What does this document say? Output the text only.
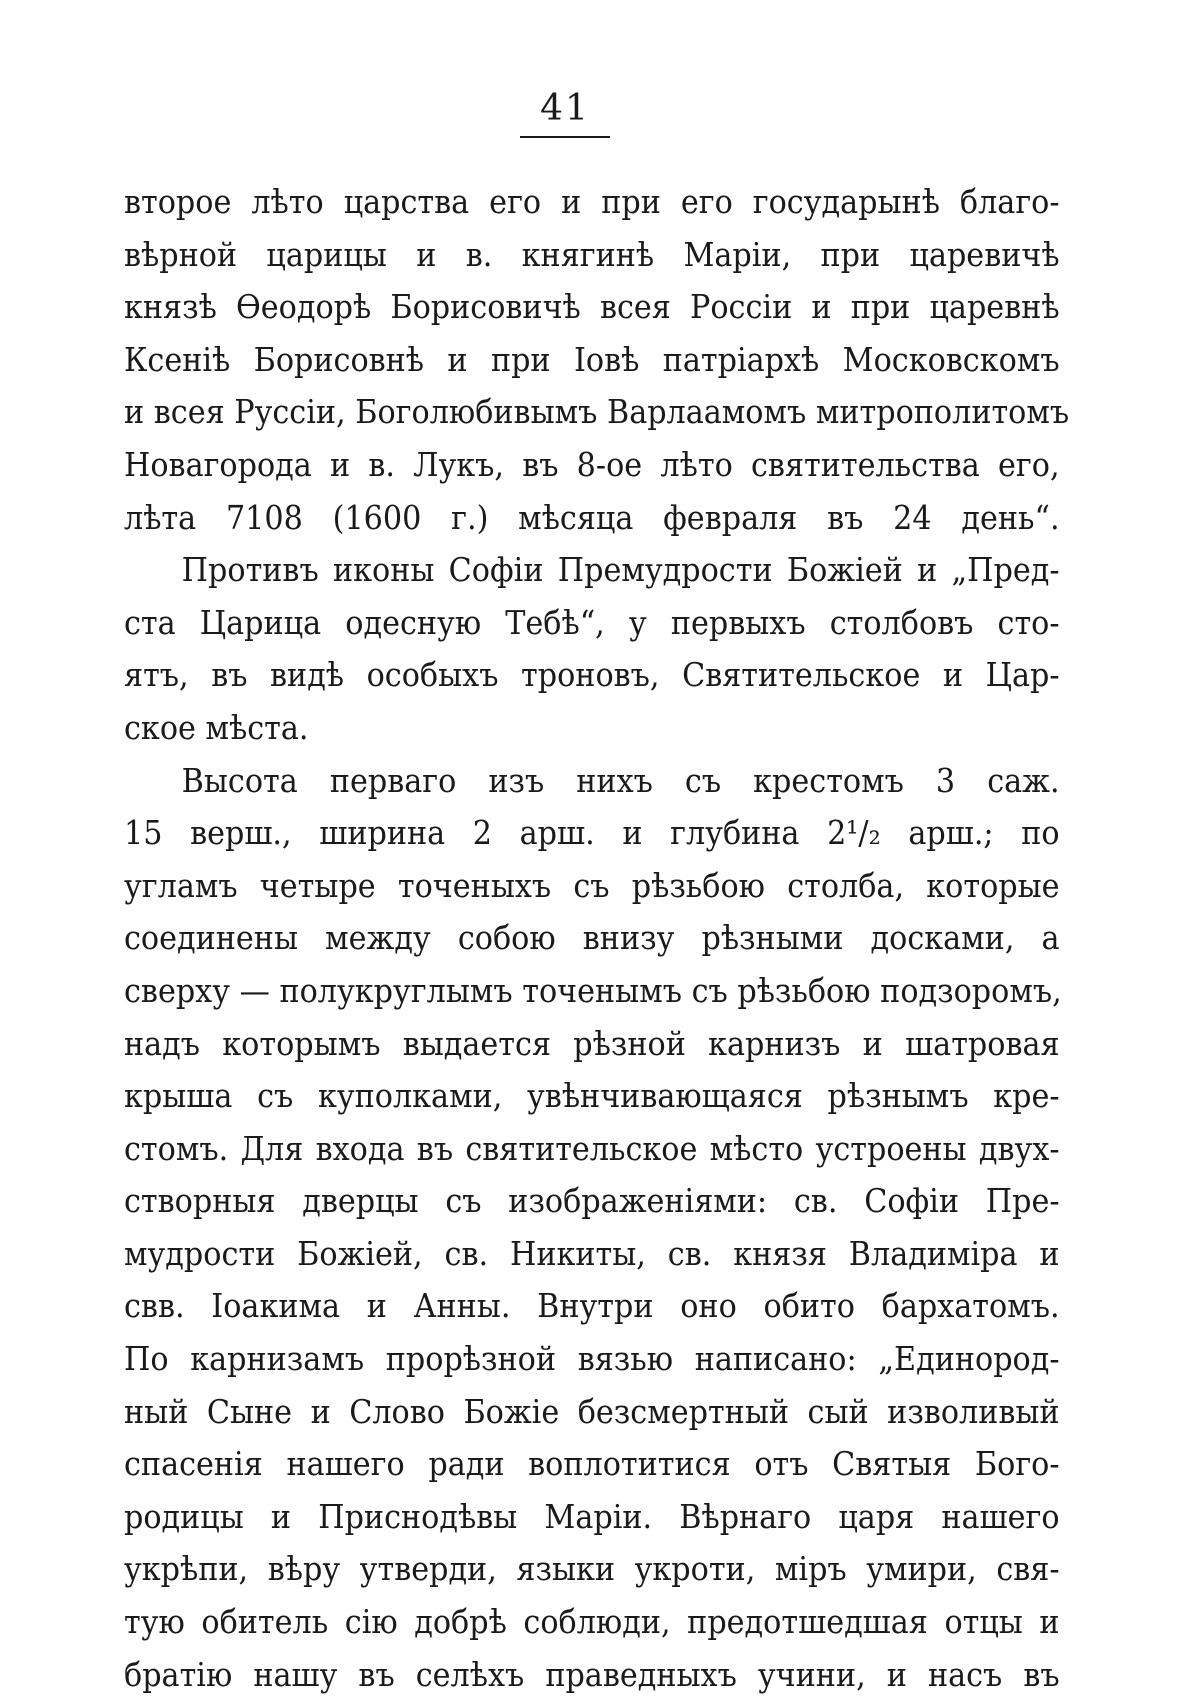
41
второе лѣто царства его и при его государынѣ благо-
вѣрной царицы и в. княгинѣ Маріи, при царевичѣ
князѣ Ѳеодорѣ Борисовичѣ всея Россіи и при царевнѣ
Ксеніѣ Борисовнѣ и при Іовѣ патріархѣ Московскомъ
и всея Руссіи, Боголюбивымъ Варлаамомъ митрополитомъ
Новагорода и в. Лукъ, въ 8-ое лѣто святительства его,
лѣта 7108 (1600 г.) мѣсяца февраля въ 24 день“.
Противъ иконы Софіи Премудрости Божіей и „Пред-
ста Царица одесную Тебѣ“, у первыхъ столбовъ сто-
ятъ, въ видѣ особыхъ троновъ, Святительское и Цар-
ское мѣста.
Высота перваго изъ нихъ съ крестомъ 3 саж.
15 верш., ширина 2 арш. и глубина 2¹/₂ арш.; по
угламъ четыре точеныхъ съ рѣзьбою столба, которые
соединены между собою внизу рѣзными досками, а
сверху — полукруглымъ точенымъ съ рѣзьбою подзоромъ,
надъ которымъ выдается рѣзной карнизъ и шатровая
крыша съ куполками, увѣнчивающаяся рѣзнымъ кре-
стомъ. Для входа въ святительское мѣсто устроены двух-
створныя дверцы съ изображеніями: св. Софіи Пре-
мудрости Божіей, св. Никиты, св. князя Владиміра и
свв. Іоакима и Анны. Внутри оно обито бархатомъ.
По карнизамъ прорѣзной вязью написано: „Единород-
ный Сыне и Слово Божіе безсмертный сый изволивый
спасенія нашего ради воплотитися отъ Святыя Бого-
родицы и Приснодѣвы Маріи. Вѣрнаго царя нашего
укрѣпи, вѣру утверди, языки укроти, міръ умири, свя-
тую обитель сію добрѣ соблюди, предотшедшая отцы и
братію нашу въ селѣхъ праведныхъ учини, и насъ въ
